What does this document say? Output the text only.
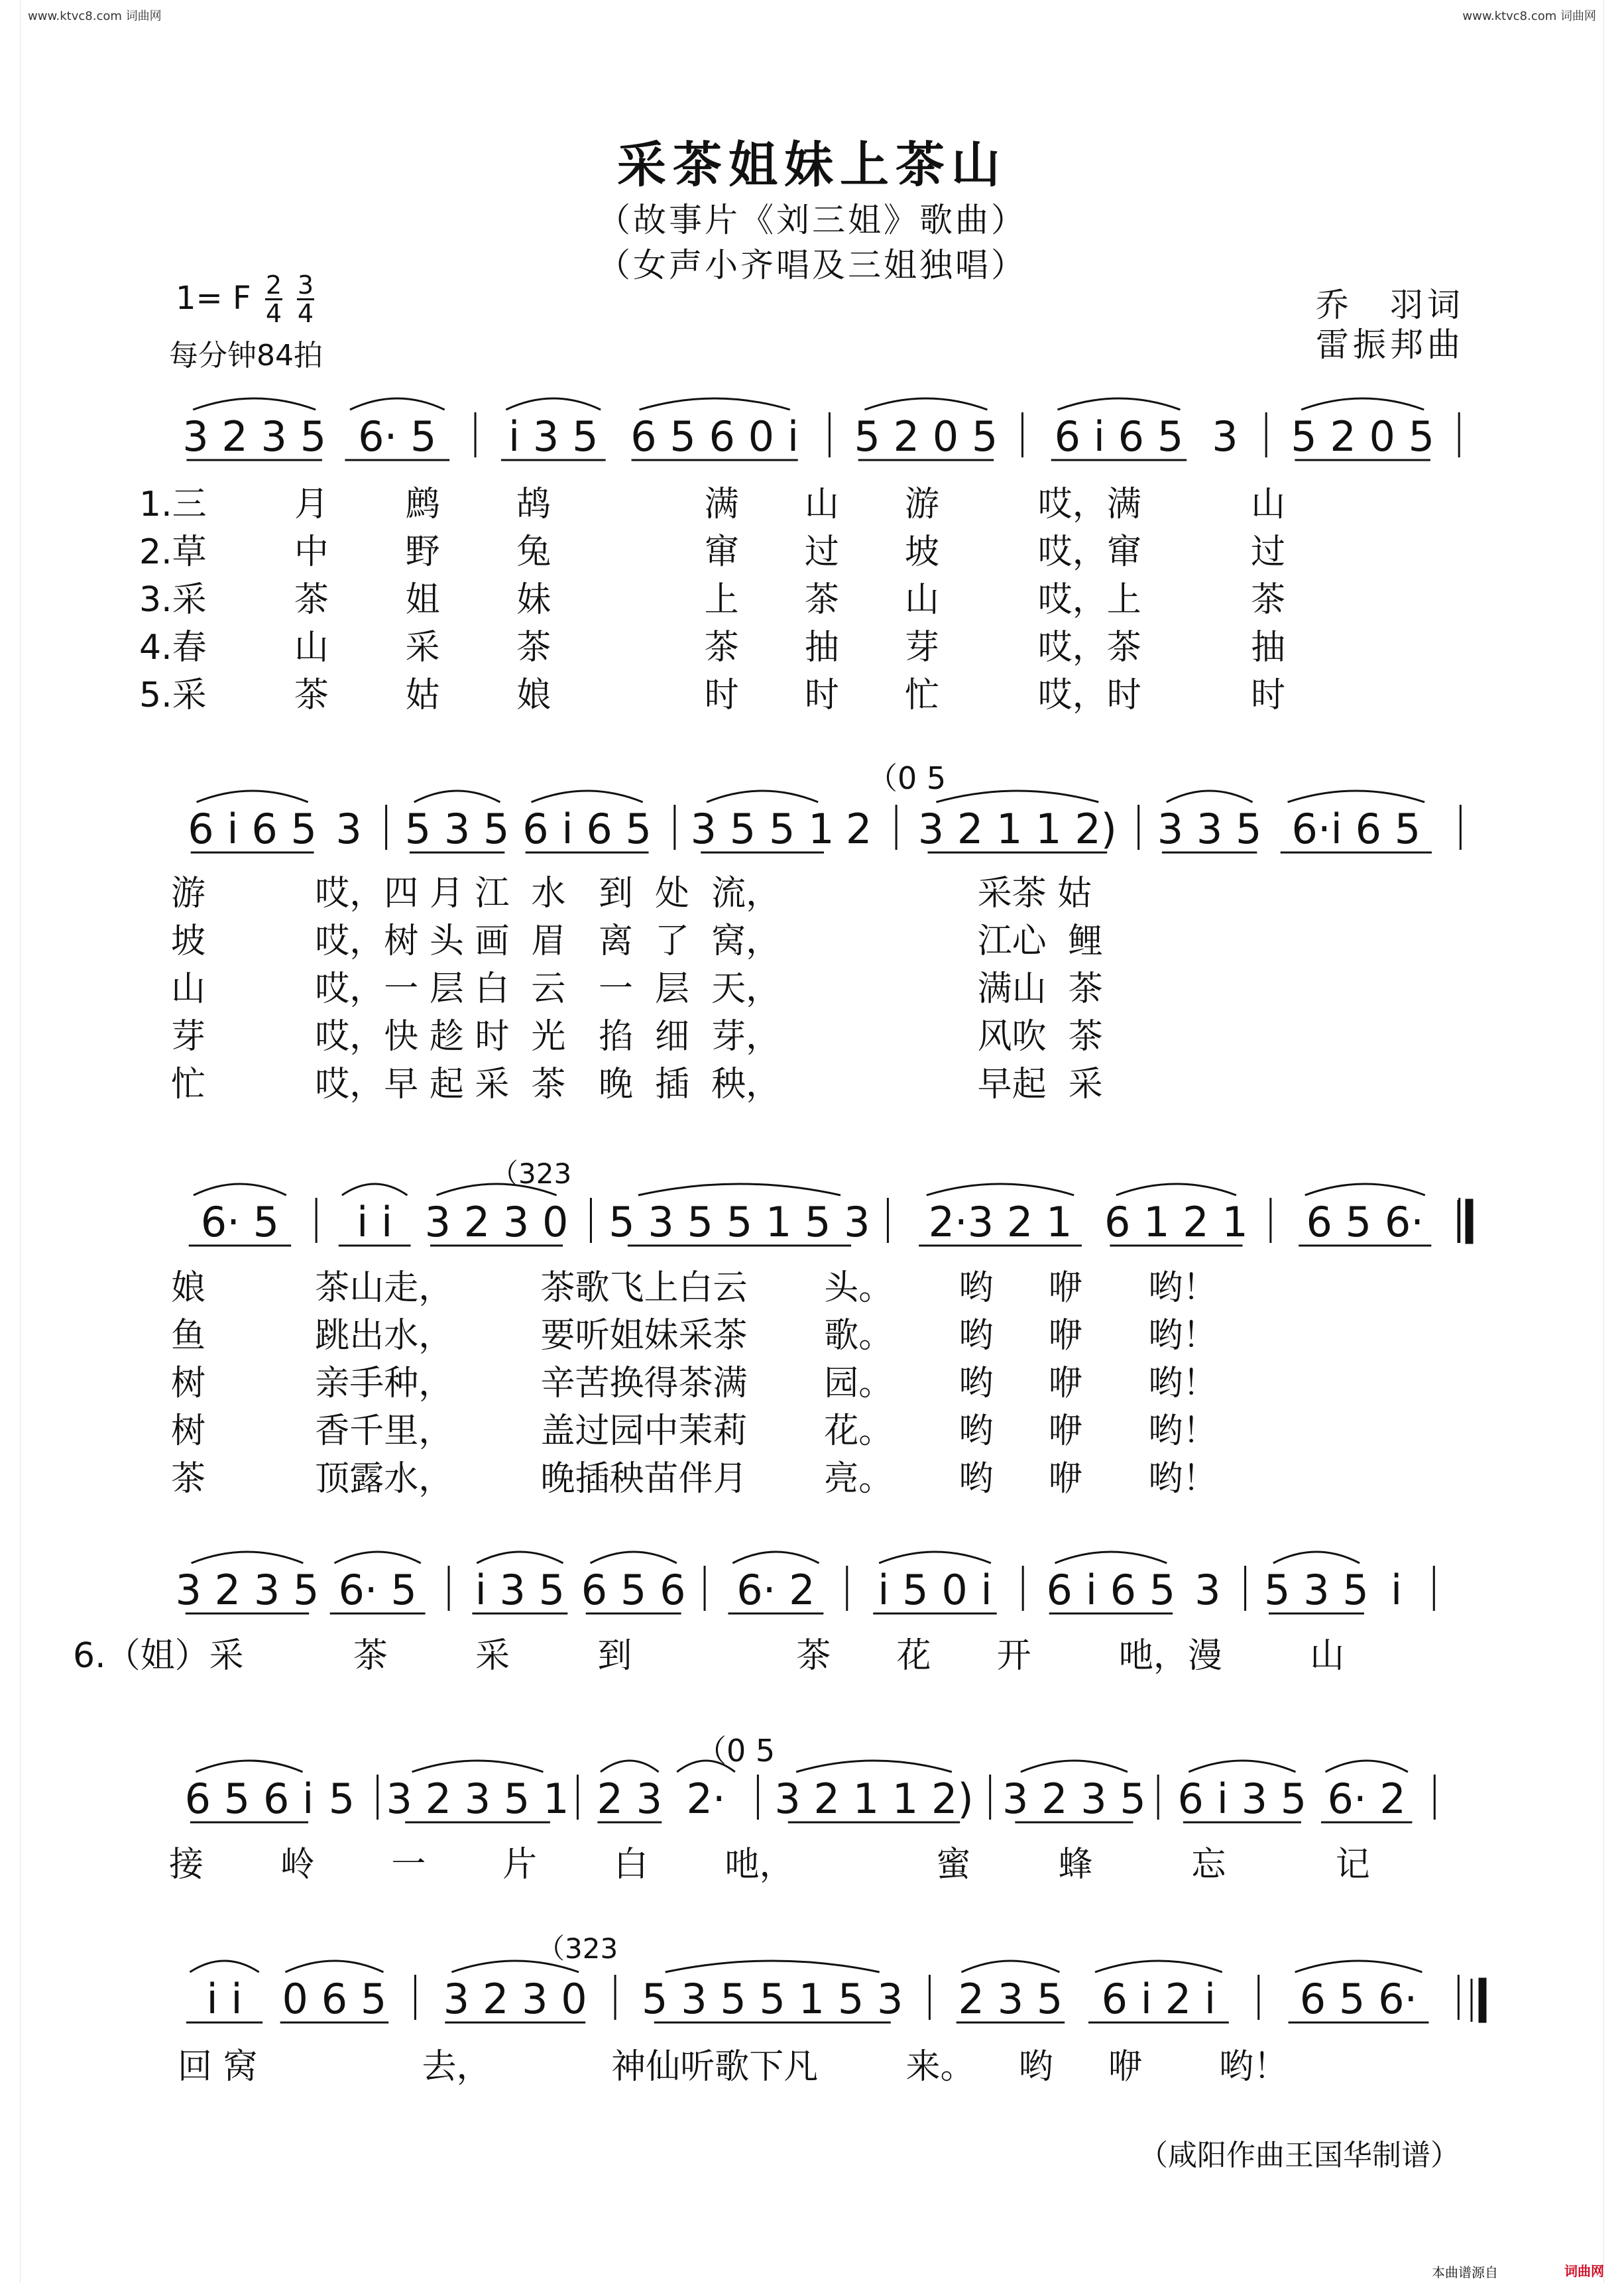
www.ktvc8.com 词曲网	www.ktvc8.com 词曲网
采茶姐妹上茶山
（故事片《刘三姐》歌曲）
（女声小齐唱及三姐独唱）
1= F 2
4
3
4
每分钟84拍
乔　羽词
雷振邦曲
3 2 3 5 6· 5 i 3 5 6 5 6 0 i 5 2 0 5 6 i 6 5 3 5 2 0 5
6 i 6 5 3 5 3 5 6 i 6 5 3 5 5 1 2 3 2 1 1 2) 3 3 5 6·i 6 5
6· 5 i i 3 2 3 0 5 3 5 5 1 5 3 2·3 2 1 6 1 2 1 6 5 6·
3 2 3 5 6· 5 i 3 5 6 5 6 6· 2 i 5 0 i 6 i 6 5 3 5 3 5 i
6 5 6 i 5 3 2 3 5 1 2 3 2· 3 2 1 1 2) 3 2 3 5 6 i 3 5 6· 2
i i 0 6 5 3 2 3 0 5 3 5 5 1 5 3 2 3 5 6 i 2 i 6 5 6·
1.三        月       鹧       鸪              满      山      游         哎，满          山
2.草        中       野       兔              窜      过      坡         哎，窜          过
3.采        茶       姐       妹              上      茶      山         哎，上          茶
4.春        山       采       茶              茶      抽      芽         哎，茶          抽
5.采        茶       姑       娘              时      时      忙         哎，时          时
游          哎，四 月 江  水   到  处  流，                  采茶 姑
坡          哎，树 头 画  眉   离  了  窝，                  江心  鲤
山          哎，一 层 白  云   一  层  天，                  满山  茶
芽          哎，快 趁 时  光   掐  细  芽，                  风吹  茶
忙          哎，早 起 采  茶   晚  插  秧，                  早起  采
娘          茶山走，        茶歌飞上白云       头。      哟     咿      哟！
鱼          跳出水，        要听姐妹采茶       歌。      哟     咿      哟！
树          亲手种，        辛苦换得茶满       园。      哟     咿      哟！
树          香千里，        盖过园中茉莉       花。      哟     咿      哟！
茶          顶露水，        晚插秧苗伴月       亮。      哟     咿      哟！
6.（姐）采          茶        采        到               茶      花      开        吔，漫        山
接       岭       一       片       白       吔，             蜜        蜂         忘          记
回 窝               去，           神仙听歌下凡        来。    哟     咿       哟！
（0 5
（323
（0 5
（323
（咸阳作曲王国华制谱）
本曲谱源自	词曲网
